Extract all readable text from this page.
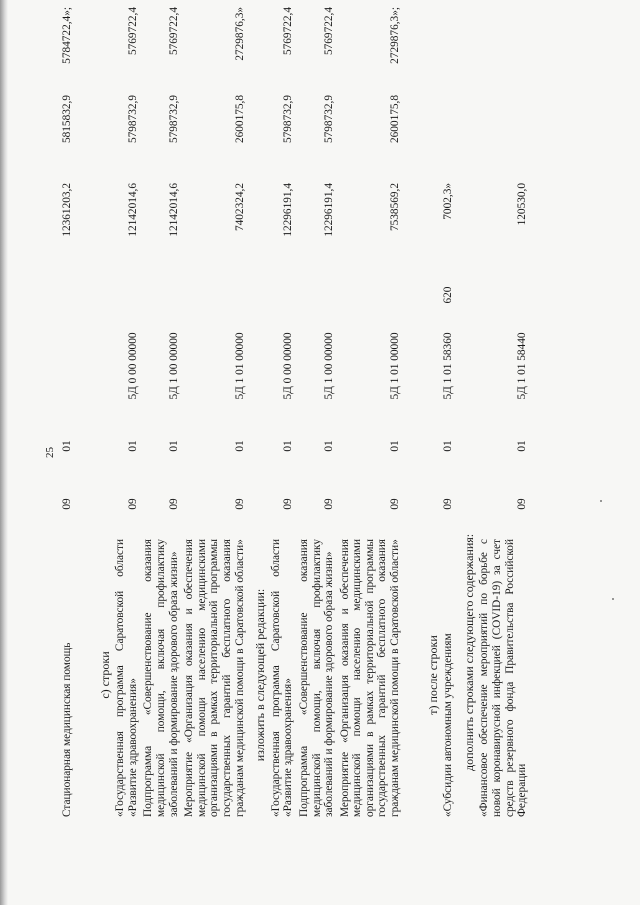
25
Стационарная медицинская помощь	09	01			12361203,2	5815832,9	5784722,4»;

с) строки							
«Государственная программа Саратовской области «Развитие здравоохранения»	09	01	5Д 0 00 00000		12142014,6	5798732,9	5769722,4
Подпрограмма «Совершенствование оказания медицинской помощи, включая профилактику заболеваний и формирование здорового образа жизни»	09	01	5Д 1 00 00000		12142014,6	5798732,9	5769722,4
Мероприятие «Организация оказания и обеспечения медицинской помощи населению медицинскими организациями в рамках территориальной программы государственных гарантий бесплатного оказания гражданам медицинской помощи в Саратовской области»	09	01	5Д 1 01 00000		7402324,2	2600175,8	2729876,3»
изложить в следующей редакции:							
«Государственная программа Саратовской области «Развитие здравоохранения»	09	01	5Д 0 00 00000		12296191,4	5798732,9	5769722,4
Подпрограмма «Совершенствование оказания медицинской помощи, включая профилактику заболеваний и формирование здорового образа жизни»	09	01	5Д 1 00 00000		12296191,4	5798732,9	5769722,4
Мероприятие «Организация оказания и обеспечения медицинской помощи населению медицинскими организациями в рамках территориальной программы государственных гарантий бесплатного оказания гражданам медицинской помощи в Саратовской области»	09	01	5Д 1 01 00000		7538569,2	2600175,8	2729876,3»;

т) после строки							
«Субсидии автономным учреждениям	09	01	5Д 1 01 58360	620	7002,3»		
дополнить строками следующего содержания:							
«Финансовое обеспечение мероприятий по борьбе с новой коронавирусной инфекцией (COVID-19) за счет средств резервного фонда Правительства Российской Федерации	09	01	5Д 1 01 58440		120530,0		
